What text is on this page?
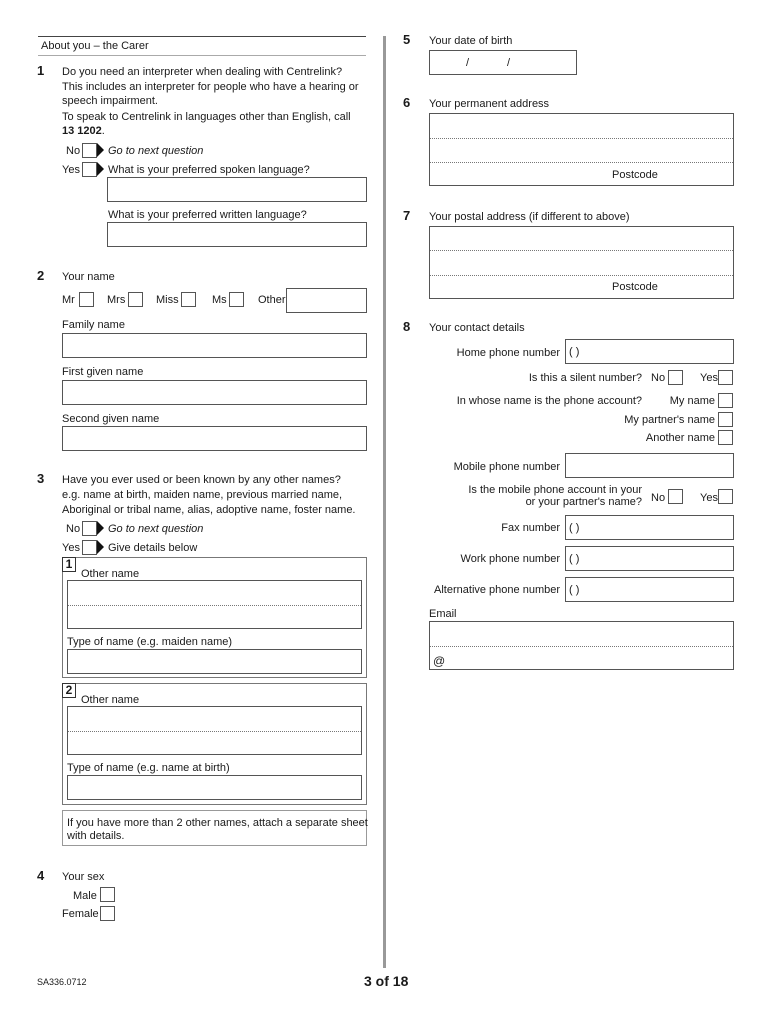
About you – the Carer
1 Do you need an interpreter when dealing with Centrelink?
This includes an interpreter for people who have a hearing or
speech impairment.
To speak to Centrelink in languages other than English, call
13 1202.
No	Go to next question
Yes	What is your preferred spoken language?
What is your preferred written language?
2 Your name
Mr	Mrs	Miss	Ms	Other
Family name
First given name
Second given name
3 Have you ever used or been known by any other names?
e.g. name at birth, maiden name, previous married name,
Aboriginal or tribal name, alias, adoptive name, foster name.
No	Go to next question
Yes	Give details below
1
Other name
Type of name (e.g. maiden name)
2
Other name
Type of name (e.g. name at birth)
If you have more than 2 other names, attach a separate sheet
with details.
4 Your sex
Male
Female
5 Your date of birth
/	/
6 Your permanent address
Postcode
7 Your postal address (if different to above)
Postcode
8 Your contact details
Home phone number ( )
Is this a silent number? No	Yes
In whose name is the phone account?	My name
My partner's name
Another name
Mobile phone number
Is the mobile phone account in your
or your partner's name? No	Yes
Fax number ( )
Work phone number ( )
Alternative phone number ( )
Email
@
SA336.0712	3 of 18
